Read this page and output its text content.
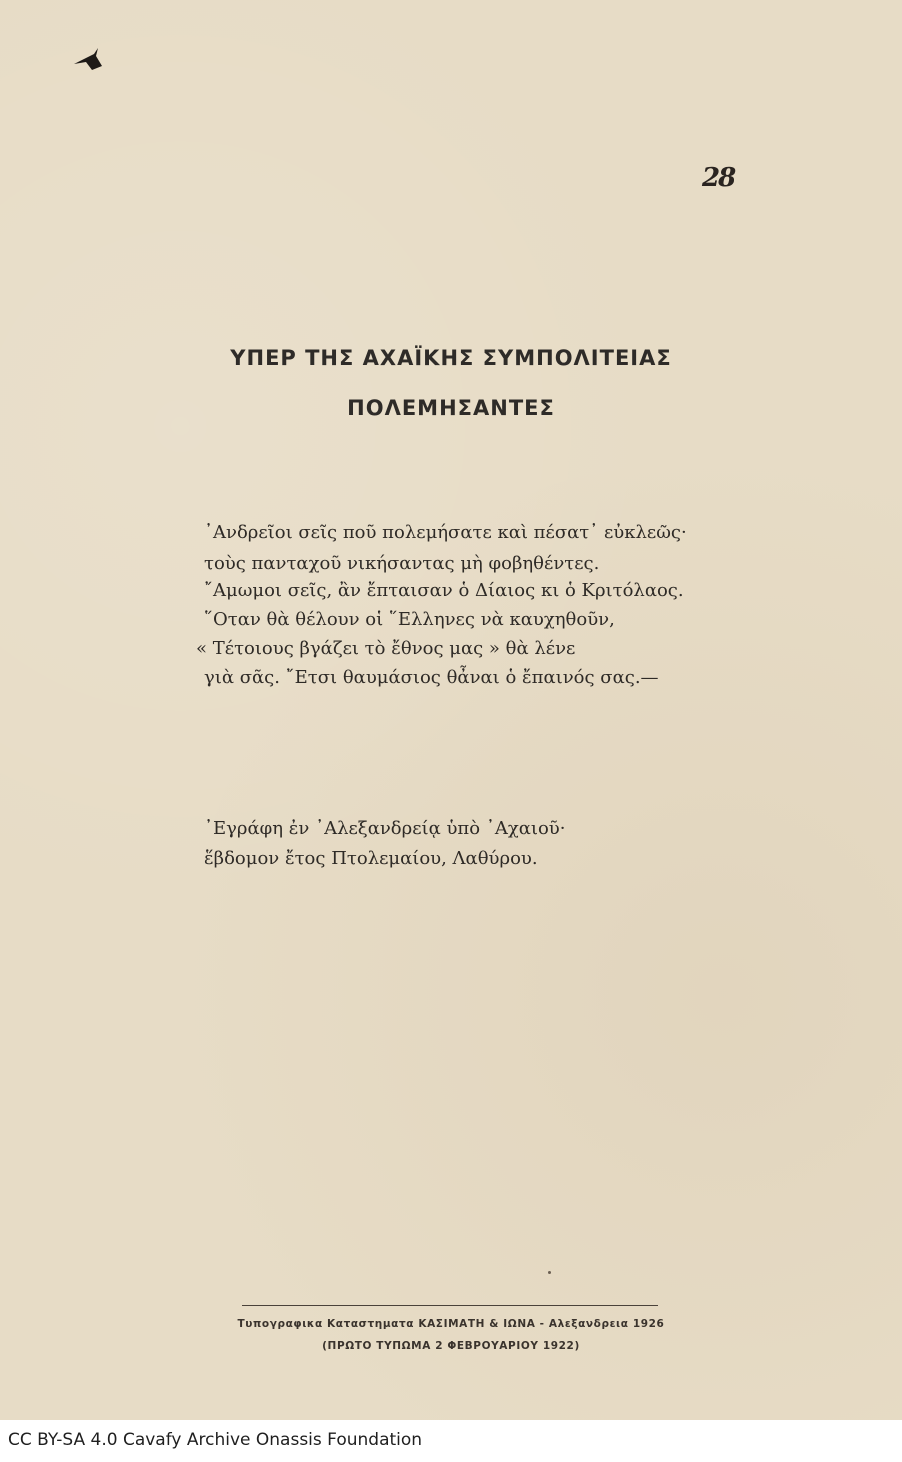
28
ΥΠΕΡ ΤΗΣ ΑΧΑΪΚΗΣ ΣΥΜΠΟΛΙΤΕΙΑΣ
ΠΟΛΕΜΗΣΑΝΤΕΣ
᾽Ανδρεῖοι σεῖς ποῦ πολεμήσατε καὶ πέσατ᾽ εὐκλεῶς·
τοὺς πανταχοῦ νικήσαντας μὴ φοβηθέντες.
῎Αμωμοι σεῖς, ἂν ἔπταισαν ὁ Δίαιος κι ὁ Κριτόλαος.
῞Οταν θὰ θέλουν οἱ ῞Ελληνες νὰ καυχηθοῦν,
« Τέτοιους βγάζει τὸ ἔθνος μας » θὰ λένε
γιὰ σᾶς. ῎Ετσι θαυμάσιος θἆναι ὁ ἔπαινός σας.—
᾽Εγράφη ἐν ᾽Αλεξανδρείᾳ ὑπὸ ᾽Αχαιοῦ·
ἕβδομον ἔτος Πτολεμαίου, Λαθύρου.
Τυπογραφικα Καταστηματα ΚΑΣΙΜΑΤΗ & ΙΩΝΑ - Αλεξανδρεια 1926
(ΠΡΩΤΟ ΤΥΠΩΜΑ 2 ΦΕΒΡΟΥΑΡΙΟΥ 1922)
CC BY-SA 4.0 Cavafy Archive Onassis Foundation
